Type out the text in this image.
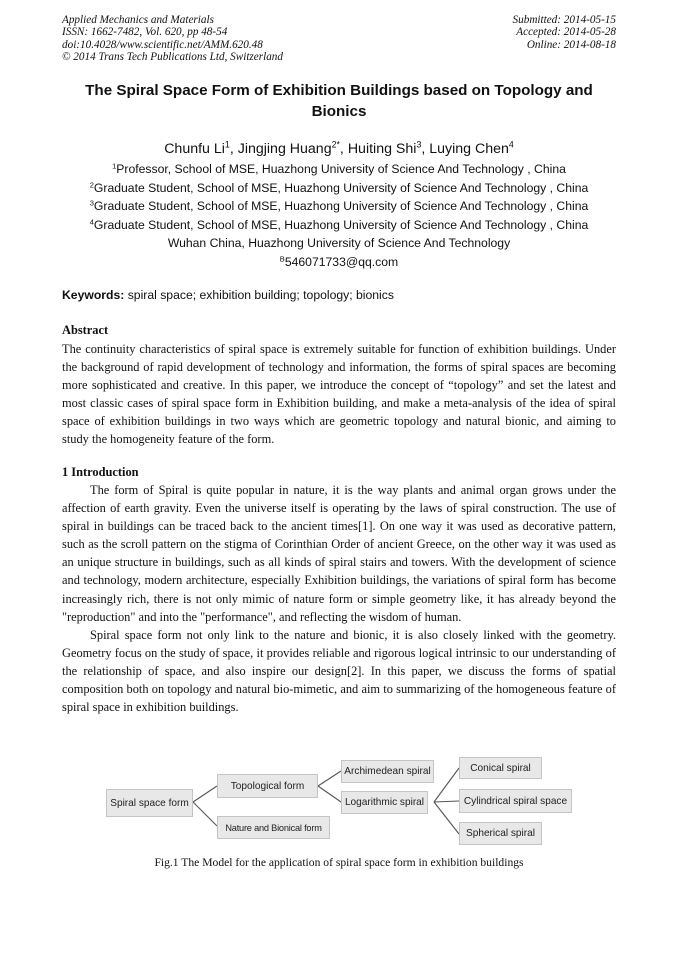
Applied Mechanics and Materials
ISSN: 1662-7482, Vol. 620, pp 48-54
doi:10.4028/www.scientific.net/AMM.620.48
© 2014 Trans Tech Publications Ltd, Switzerland
Submitted: 2014-05-15
Accepted: 2014-05-28
Online: 2014-08-18
The Spiral Space Form of Exhibition Buildings based on Topology and Bionics
Chunfu Li$^1$, Jingjing Huang$^{2*}$, Huiting Shi$^3$, Luying Chen$^4$
$^1$Professor, School of MSE, Huazhong University of Science And Technology , China
$^2$Graduate Student, School of MSE, Huazhong University of Science And Technology , China
$^3$Graduate Student, School of MSE, Huazhong University of Science And Technology , China
$^4$Graduate Student, School of MSE, Huazhong University of Science And Technology , China
Wuhan China, Huazhong University of Science And Technology
$^B$546071733@qq.com
Keywords: spiral space; exhibition building; topology; bionics
Abstract

The continuity characteristics of spiral space is extremely suitable for function of exhibition buildings. Under the background of rapid development of technology and information, the forms of spiral spaces are becoming more sophisticated and creative. In this paper, we introduce the concept of “topology” and set the latest and most classic cases of spiral space form in Exhibition building, and make a meta-analysis of the idea of spiral space of exhibition buildings in two ways which are geometric topology and natural bionic, and aiming to study the homogeneity feature of the form.

1 Introduction

The form of Spiral is quite popular in nature, it is the way plants and animal organ grows under the affection of earth gravity. Even the universe itself is operating by the laws of spiral construction. The use of spiral in buildings can be traced back to the ancient times[1]. On one way it was used as decorative pattern, such as the scroll pattern on the stigma of Corinthian Order of ancient Greece, on the other way it was used as an unique structure in buildings, such as all kinds of spiral stairs and towers. With the development of science and technology, modern architecture, especially Exhibition buildings, the variations of spiral form has become increasingly rich, there is not only mimic of nature form or simple geometry like, it has already beyond the "reproduction" and into the "performance", and reflecting the wisdom of human.

Spiral space form not only link to the nature and bionic, it is also closely linked with the geometry. Geometry focus on the study of space, it provides reliable and rigorous logical intrinsic to our understanding of the relationship of space, and also inspire our design[2]. In this paper, we discuss the forms of spatial composition both on topology and natural bio-mimetic, and aim to summarizing of the homogeneous feature of spiral space in exhibition buildings.

Spiral space form
Topological form
Nature and Bionical form
Archimedean spiral
Logarithmic spiral
Conical spiral
Cylindrical spiral space
Spherical spiral
Fig.1 The Model for the application of spiral space form in exhibition buildings
